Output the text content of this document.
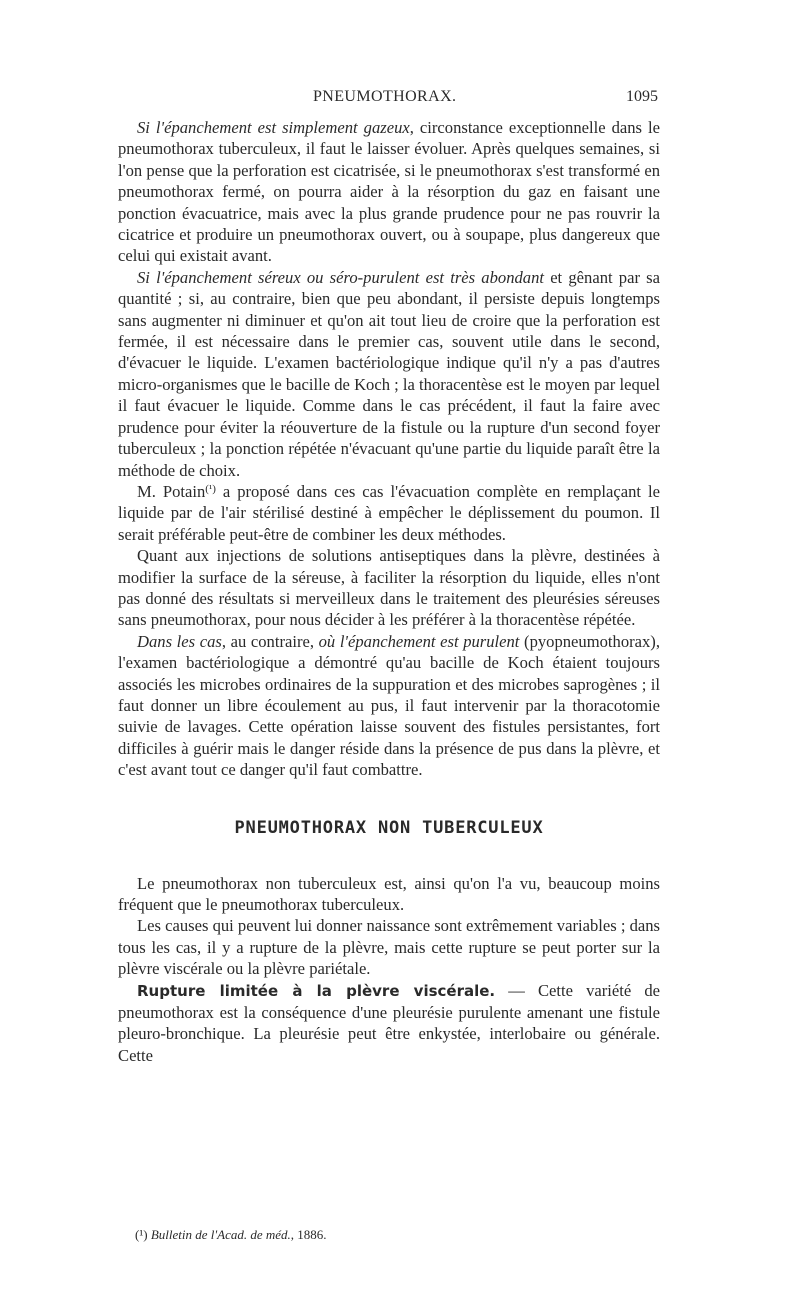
PNEUMOTHORAX.	1095

Si l'épanchement est simplement gazeux, circonstance exceptionnelle dans le pneumothorax tuberculeux, il faut le laisser évoluer. Après quelques semaines, si l'on pense que la perforation est cicatrisée, si le pneumothorax s'est transformé en pneumothorax fermé, on pourra aider à la résorption du gaz en faisant une ponction évacuatrice, mais avec la plus grande prudence pour ne pas rouvrir la cicatrice et produire un pneumothorax ouvert, ou à soupape, plus dangereux que celui qui existait avant.

Si l'épanchement séreux ou séro-purulent est très abondant et gênant par sa quantité ; si, au contraire, bien que peu abondant, il persiste depuis longtemps sans augmenter ni diminuer et qu'on ait tout lieu de croire que la perforation est fermée, il est nécessaire dans le premier cas, souvent utile dans le second, d'évacuer le liquide. L'examen bactériologique indique qu'il n'y a pas d'autres micro-organismes que le bacille de Koch ; la thoracentèse est le moyen par lequel il faut évacuer le liquide. Comme dans le cas précédent, il faut la faire avec prudence pour éviter la réouverture de la fistule ou la rupture d'un second foyer tuberculeux ; la ponction répétée n'évacuant qu'une partie du liquide paraît être la méthode de choix.

M. Potain$^{(^1)}$ a proposé dans ces cas l'évacuation complète en remplaçant le liquide par de l'air stérilisé destiné à empêcher le déplissement du poumon. Il serait préférable peut-être de combiner les deux méthodes.

Quant aux injections de solutions antiseptiques dans la plèvre, destinées à modifier la surface de la séreuse, à faciliter la résorption du liquide, elles n'ont pas donné des résultats si merveilleux dans le traitement des pleurésies séreuses sans pneumothorax, pour nous décider à les préférer à la thoracentèse répétée.

Dans les cas, au contraire, où l'épanchement est purulent (pyopneumothorax), l'examen bactériologique a démontré qu'au bacille de Koch étaient toujours associés les microbes ordinaires de la suppuration et des microbes saprogènes ; il faut donner un libre écoulement au pus, il faut intervenir par la thoracotomie suivie de lavages. Cette opération laisse souvent des fistules persistantes, fort difficiles à guérir mais le danger réside dans la présence de pus dans la plèvre, et c'est avant tout ce danger qu'il faut combattre.

PNEUMOTHORAX NON TUBERCULEUX

Le pneumothorax non tuberculeux est, ainsi qu'on l'a vu, beaucoup moins fréquent que le pneumothorax tuberculeux.

Les causes qui peuvent lui donner naissance sont extrêmement variables ; dans tous les cas, il y a rupture de la plèvre, mais cette rupture se peut porter sur la plèvre viscérale ou la plèvre pariétale.

Rupture limitée à la plèvre viscérale. — Cette variété de pneumothorax est la conséquence d'une pleurésie purulente amenant une fistule pleuro-bronchique. La pleurésie peut être enkystée, interlobaire ou générale. Cette

(¹) Bulletin de l'Acad. de méd., 1886.
